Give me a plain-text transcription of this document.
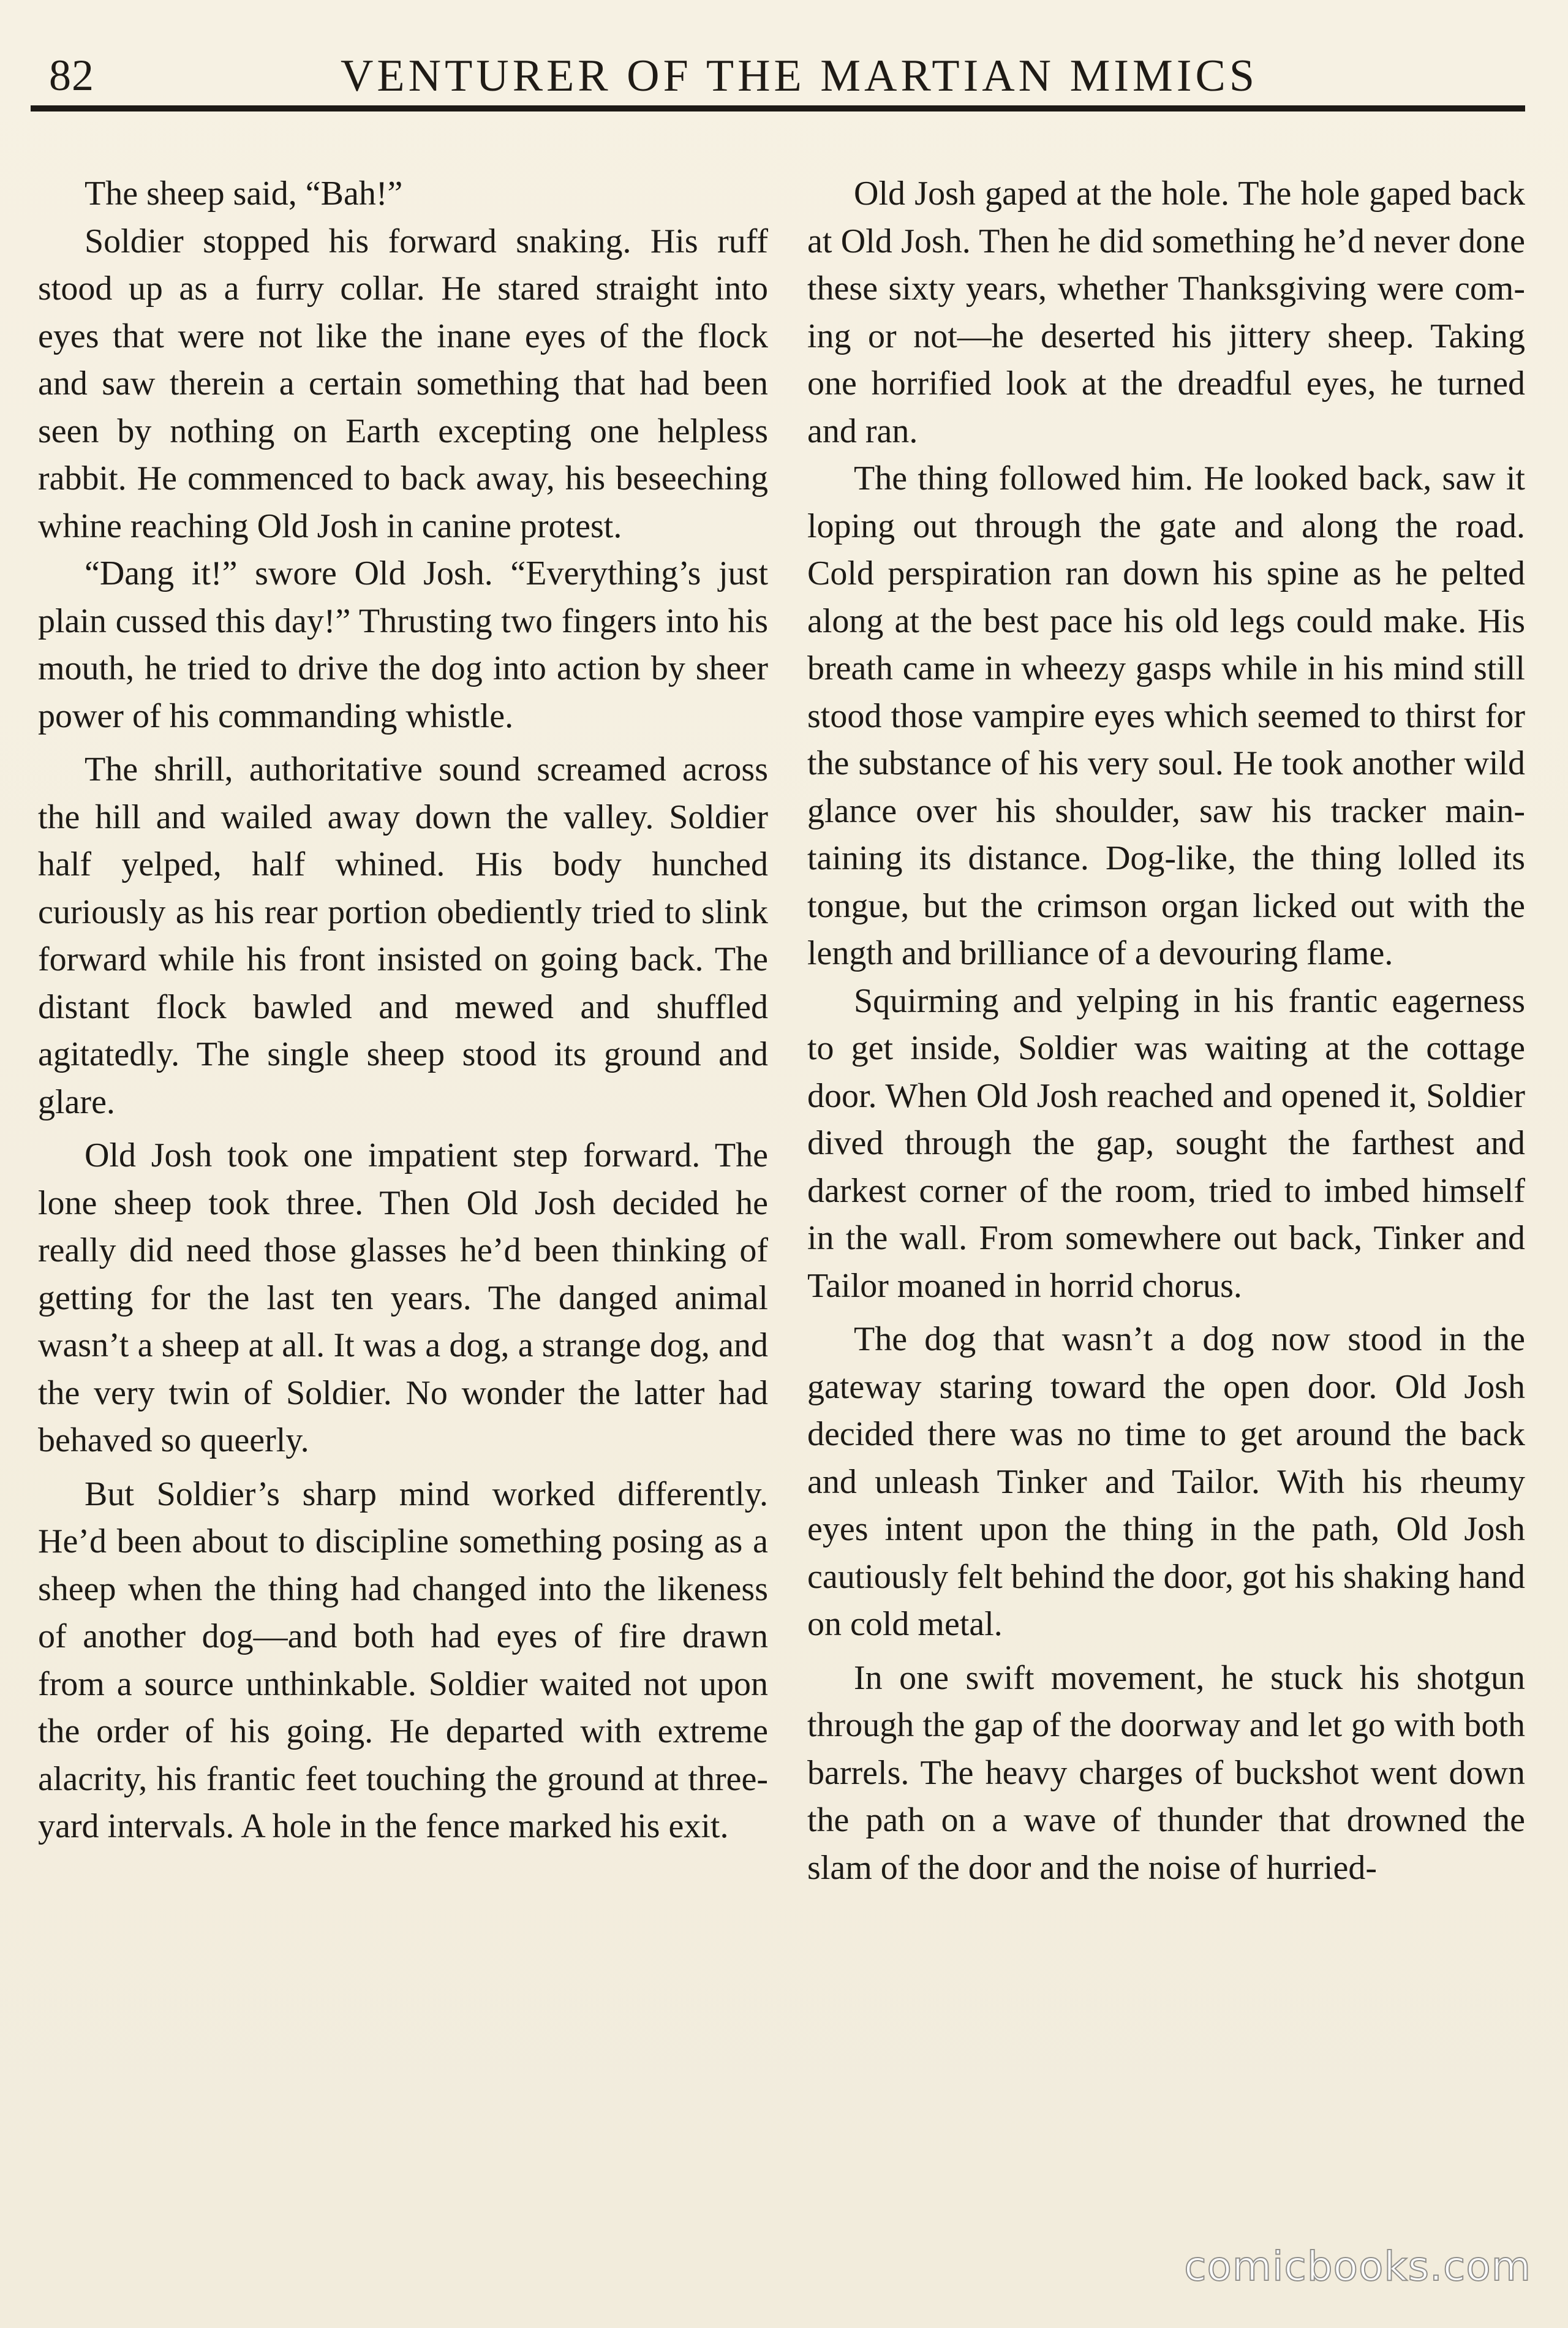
82	VENTURER OF THE MARTIAN MIMICS

The sheep said, “Bah!”

Soldier stopped his forward snaking. His ruff stood up as a furry collar. He stared straight into eyes that were not like the inane eyes of the flock and saw therein a certain something that had been seen by nothing on Earth excepting one helpless rabbit. He commenced to back away, his beseeching whine reaching Old Josh in canine protest.

“Dang it!” swore Old Josh. “Everything’s just plain cussed this day!” Thrusting two fingers into his mouth, he tried to drive the dog into action by sheer power of his commanding whistle.

The shrill, authoritative sound screamed across the hill and wailed away down the valley. Soldier half yelped, half whined. His body hunched curiously as his rear portion obediently tried to slink forward while his front insisted on going back. The distant flock bawled and mewed and shuffled agitatedly. The single sheep stood its ground and glare.

Old Josh took one impatient step forward. The lone sheep took three. Then Old Josh decided he really did need those glasses he’d been thinking of getting for the last ten years. The danged animal wasn’t a sheep at all. It was a dog, a strange dog, and the very twin of Soldier. No wonder the latter had behaved so queerly.

But Soldier’s sharp mind worked differently. He’d been about to discipline something posing as a sheep when the thing had changed into the likeness of another dog—and both had eyes of fire drawn from a source unthinkable. Soldier waited not upon the order of his going. He departed with extreme alacrity, his frantic feet touching the ground at threeyard intervals. A hole in the fence marked his exit.

Old Josh gaped at the hole. The hole gaped back at Old Josh. Then he did something he’d never done these sixty years, whether Thanksgiving were coming or not—he deserted his jittery sheep. Taking one horrified look at the dreadful eyes, he turned and ran.

The thing followed him. He looked back, saw it loping out through the gate and along the road. Cold perspiration ran down his spine as he pelted along at the best pace his old legs could make. His breath came in wheezy gasps while in his mind still stood those vampire eyes which seemed to thirst for the substance of his very soul. He took another wild glance over his shoulder, saw his tracker maintaining its distance. Dog-like, the thing lolled its tongue, but the crimson organ licked out with the length and brilliance of a devouring flame.

Squirming and yelping in his frantic eagerness to get inside, Soldier was waiting at the cottage door. When Old Josh reached and opened it, Soldier dived through the gap, sought the farthest and darkest corner of the room, tried to imbed himself in the wall. From somewhere out back, Tinker and Tailor moaned in horrid chorus.

The dog that wasn’t a dog now stood in the gateway staring toward the open door. Old Josh decided there was no time to get around the back and unleash Tinker and Tailor. With his rheumy eyes intent upon the thing in the path, Old Josh cautiously felt behind the door, got his shaking hand on cold metal.

In one swift movement, he stuck his shotgun through the gap of the doorway and let go with both barrels. The heavy charges of buckshot went down the path on a wave of thunder that drowned the slam of the door and the noise of hurried-

comicbooks.com
